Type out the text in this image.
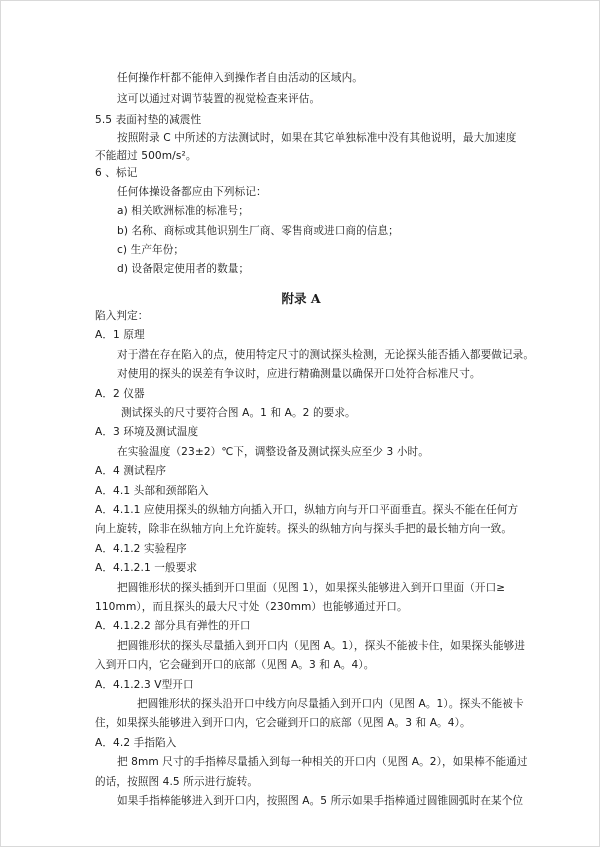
任何操作杆都不能伸入到操作者自由活动的区域内。
这可以通过对调节装置的视觉检查来评估。
5.5 表面衬垫的减震性
按照附录 C 中所述的方法测试时，如果在其它单独标准中没有其他说明，最大加速度
不能超过 500m/s²。
6 、标记
任何体操设备都应由下列标记：
a) 相关欧洲标准的标准号；
b) 名称、商标或其他识别生厂商、零售商或进口商的信息；
c) 生产年份；
d) 设备限定使用者的数量；
附录 A
陷入判定：
A．1 原理
对于潜在存在陷入的点，使用特定尺寸的测试探头检测，无论探头能否插入都要做记录。
对使用的探头的误差有争议时，应进行精确测量以确保开口处符合标准尺寸。
A．2 仪器
测试探头的尺寸要符合图 A。1 和 A。2 的要求。
A．3 环境及测试温度
在实验温度（23±2）℃下，调整设备及测试探头应至少 3 小时。
A．4 测试程序
A．4.1 头部和颈部陷入
A．4.1.1 应使用探头的纵轴方向插入开口，纵轴方向与开口平面垂直。探头不能在任何方
向上旋转，除非在纵轴方向上允许旋转。探头的纵轴方向与探头手把的最长轴方向一致。
A．4.1.2 实验程序
A．4.1.2.1 一般要求
把圆锥形状的探头插到开口里面（见图 1），如果探头能够进入到开口里面（开口≥
110mm），而且探头的最大尺寸处（230mm）也能够通过开口。
A．4.1.2.2 部分具有弹性的开口
把圆锥形状的探头尽量插入到开口内（见图 A。1），探头不能被卡住，如果探头能够进
入到开口内，它会碰到开口的底部（见图 A。3 和 A。4）。
A．4.1.2.3 V型开口
把圆锥形状的探头沿开口中线方向尽量插入到开口内（见图 A。1）。探头不能被卡
住，如果探头能够进入到开口内，它会碰到开口的底部（见图 A。3 和 A。4）。
A．4.2 手指陷入
把 8mm 尺寸的手指棒尽量插入到每一种相关的开口内（见图 A。2），如果棒不能通过
的话，按照图 4.5 所示进行旋转。
如果手指棒能够进入到开口内，按照图 A。5 所示如果手指棒通过圆锥圆弧时在某个位
